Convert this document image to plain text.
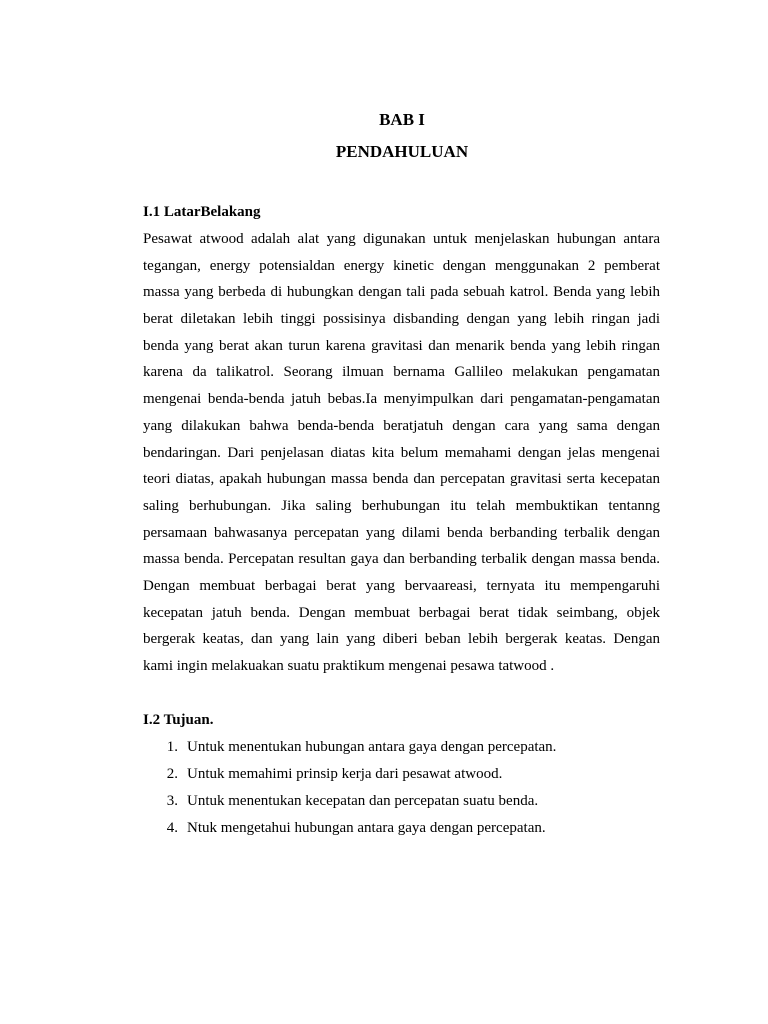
BAB I
PENDAHULUAN
I.1 LatarBelakang
Pesawat atwood adalah alat yang digunakan untuk menjelaskan hubungan antara
tegangan, energy potensialdan energy kinetic dengan menggunakan 2 pemberat
massa yang berbeda di hubungkan dengan tali pada sebuah katrol. Benda yang lebih
berat diletakan lebih tinggi possisinya disbanding dengan yang lebih ringan jadi
benda yang berat akan turun karena gravitasi dan menarik benda yang lebih ringan
karena da talikatrol. Seorang ilmuan bernama Gallileo melakukan pengamatan
mengenai benda-benda jatuh bebas.Ia menyimpulkan dari pengamatan-pengamatan
yang dilakukan bahwa benda-benda beratjatuh dengan cara yang sama dengan
bendaringan. Dari penjelasan diatas kita belum memahami dengan jelas mengenai
teori diatas, apakah hubungan massa benda dan percepatan gravitasi serta kecepatan
saling berhubungan. Jika saling berhubungan itu telah membuktikan tentanng
persamaan bahwasanya percepatan yang dilami benda berbanding terbalik dengan
massa benda. Percepatan resultan gaya dan berbanding terbalik dengan massa benda.
Dengan membuat berbagai berat yang bervaareasi, ternyata itu mempengaruhi
kecepatan jatuh benda. Dengan membuat berbagai berat tidak seimbang, objek
bergerak keatas, dan yang lain yang diberi beban lebih bergerak keatas. Dengan
kami ingin melakuakan suatu praktikum mengenai pesawa tatwood .
I.2 Tujuan.
1. Untuk menentukan hubungan antara gaya dengan percepatan.
2. Untuk memahimi prinsip kerja dari pesawat atwood.
3. Untuk menentukan kecepatan dan percepatan suatu benda.
4. Ntuk mengetahui hubungan antara gaya dengan percepatan.
